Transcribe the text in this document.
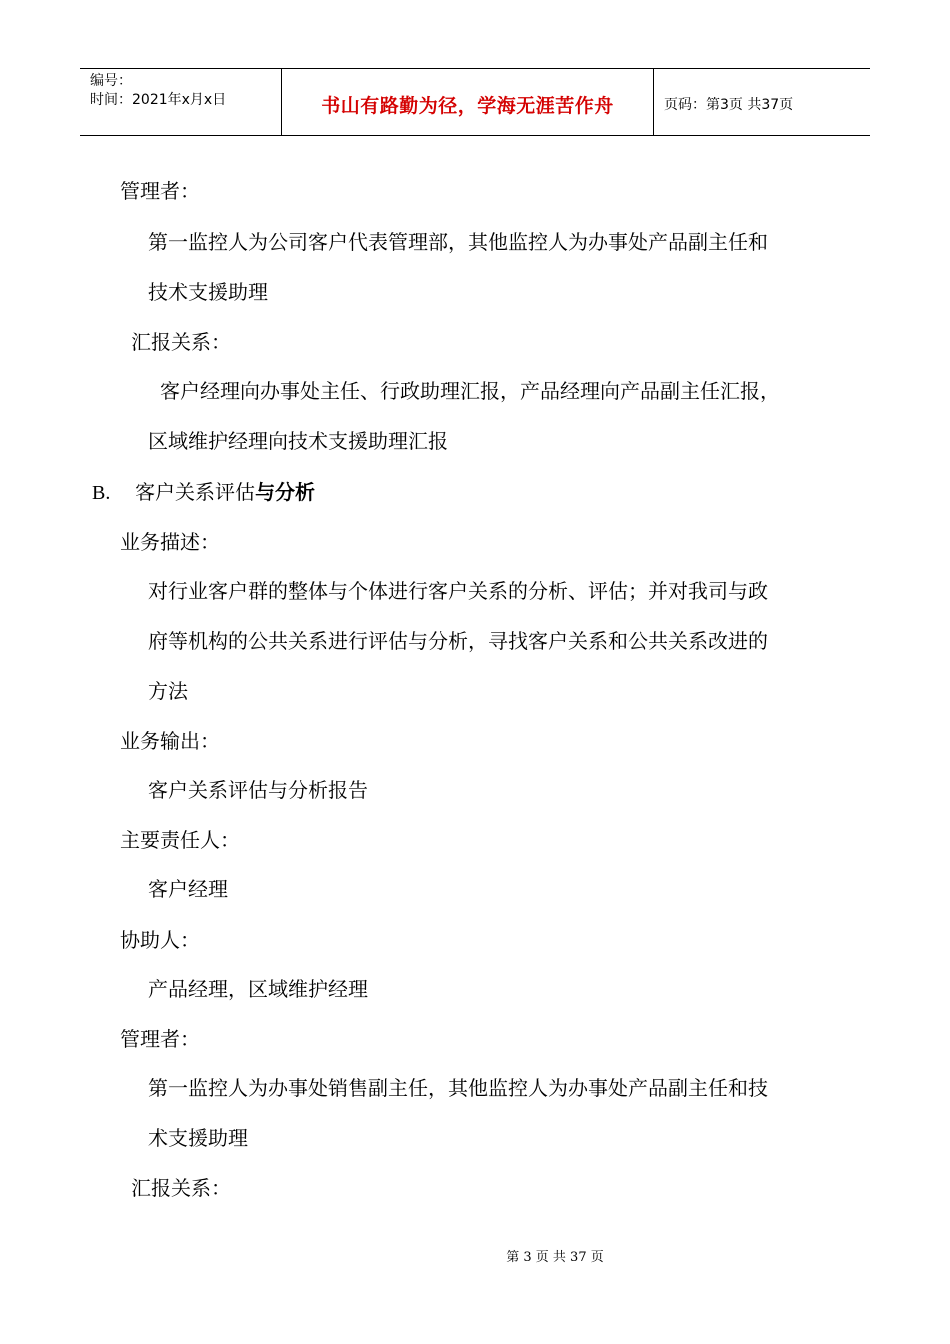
编号：
时间：2021年x月x日	书山有路勤为径，学海无涯苦作舟	页码：第3页 共37页
管理者：
第一监控人为公司客户代表管理部，其他监控人为办事处产品副主任和
技术支援助理
汇报关系：
客户经理向办事处主任、行政助理汇报，产品经理向产品副主任汇报，
区域维护经理向技术支援助理汇报
B. 客户关系评估与分析
业务描述：
对行业客户群的整体与个体进行客户关系的分析、评估；并对我司与政
府等机构的公共关系进行评估与分析，寻找客户关系和公共关系改进的
方法
业务输出：
客户关系评估与分析报告
主要责任人：
客户经理
协助人：
产品经理，区域维护经理
管理者：
第一监控人为办事处销售副主任，其他监控人为办事处产品副主任和技
术支援助理
汇报关系：
第 3 页 共 37 页
